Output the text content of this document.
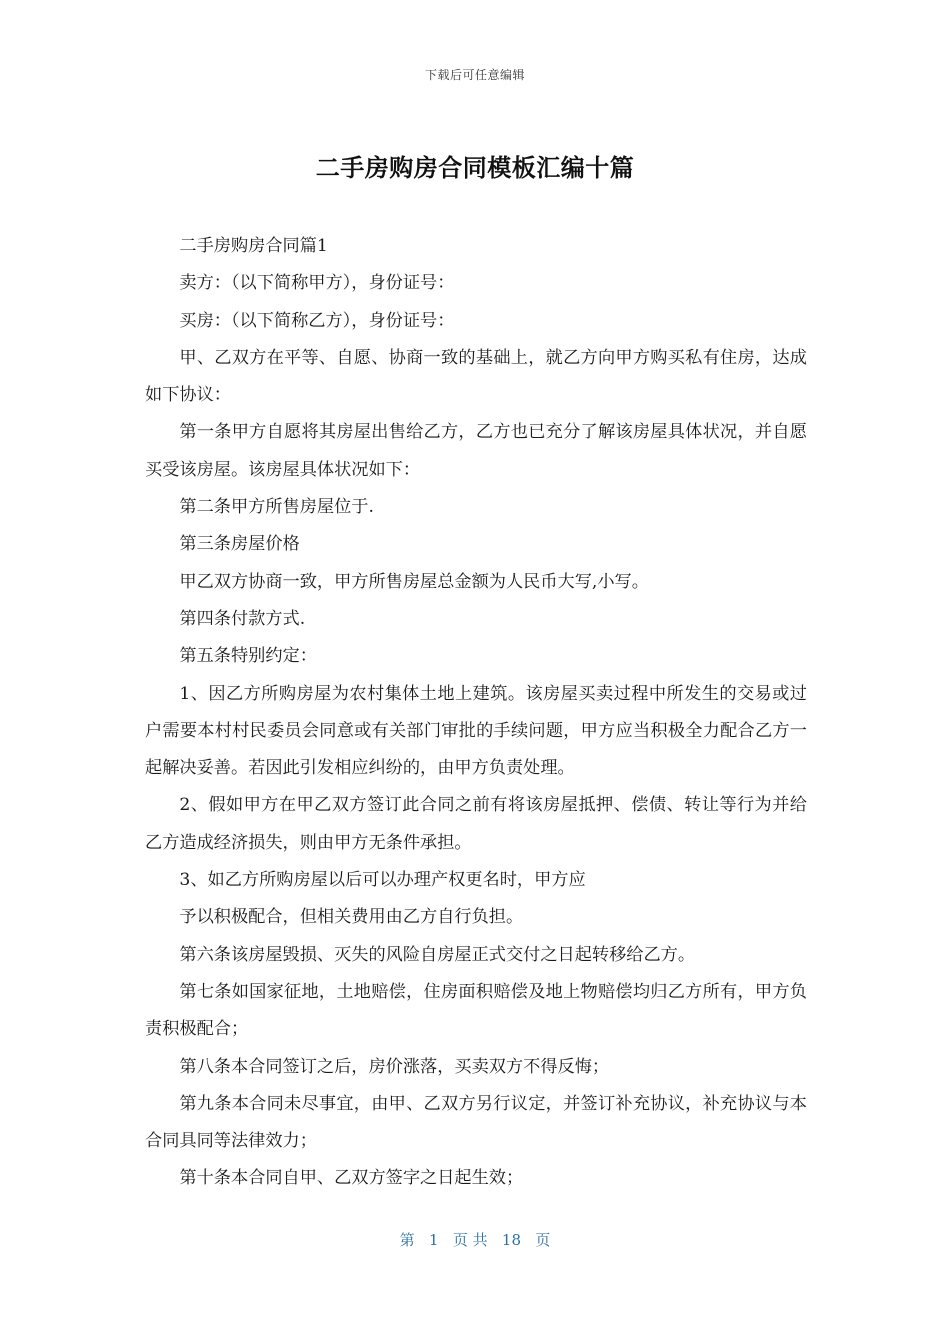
下载后可任意编辑
二手房购房合同模板汇编十篇

二手房购房合同篇1

卖方：（以下简称甲方），身份证号：

买房：（以下简称乙方），身份证号：

甲、乙双方在平等、自愿、协商一致的基础上，就乙方向甲方购买私有住房，达成如下协议：

第一条甲方自愿将其房屋出售给乙方，乙方也已充分了解该房屋具体状况，并自愿买受该房屋。该房屋具体状况如下：

第二条甲方所售房屋位于.

第三条房屋价格

甲乙双方协商一致，甲方所售房屋总金额为人民币大写,小写。

第四条付款方式.

第五条特别约定：

1、因乙方所购房屋为农村集体土地上建筑。该房屋买卖过程中所发生的交易或过户需要本村村民委员会同意或有关部门审批的手续问题，甲方应当积极全力配合乙方一起解决妥善。若因此引发相应纠纷的，由甲方负责处理。

2、假如甲方在甲乙双方签订此合同之前有将该房屋抵押、偿债、转让等行为并给乙方造成经济损失，则由甲方无条件承担。

3、如乙方所购房屋以后可以办理产权更名时，甲方应

予以积极配合，但相关费用由乙方自行负担。

第六条该房屋毁损、灭失的风险自房屋正式交付之日起转移给乙方。

第七条如国家征地，土地赔偿，住房面积赔偿及地上物赔偿均归乙方所有，甲方负责积极配合；

第八条本合同签订之后，房价涨落，买卖双方不得反悔；

第九条本合同未尽事宜，由甲、乙双方另行议定，并签订补充协议，补充协议与本合同具同等法律效力；

第十条本合同自甲、乙双方签字之日起生效；

第 1 页 共 18 页
